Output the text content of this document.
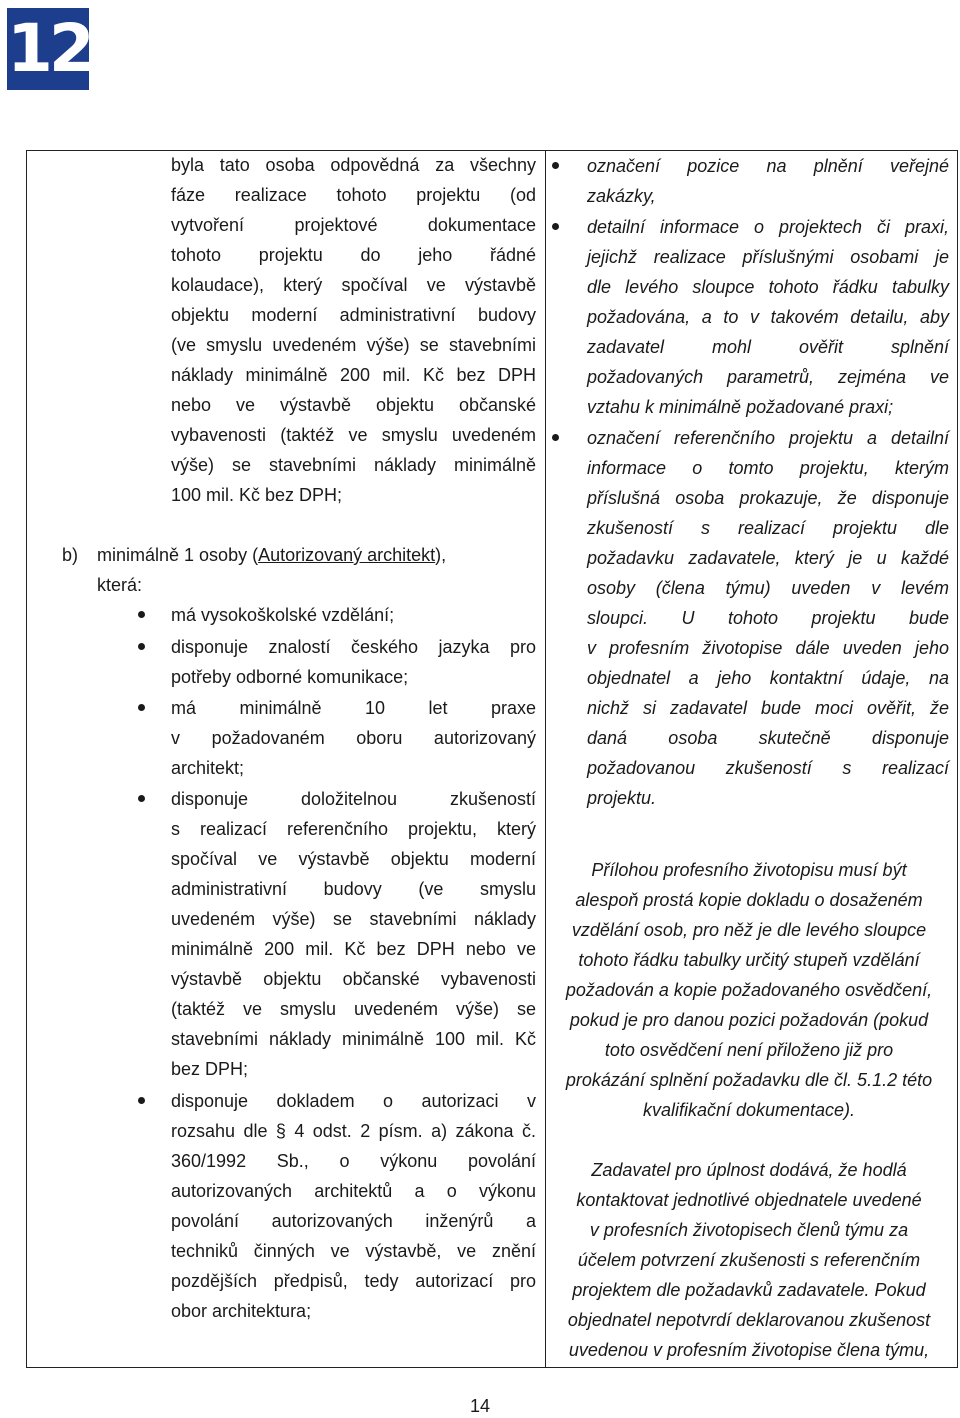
12
byla tato osoba odpovědná za všechny
fáze realizace tohoto projektu (od
vytvoření projektové dokumentace
tohoto projektu do jeho řádné
kolaudace), který spočíval ve výstavbě
objektu moderní administrativní budovy
(ve smyslu uvedeném výše) se stavebními
náklady minimálně 200 mil. Kč bez DPH
nebo ve výstavbě objektu občanské
vybavenosti (taktéž ve smyslu uvedeném
výše) se stavebními náklady minimálně
100 mil. Kč bez DPH;
b) minimálně 1 osoby (Autorizovaný architekt),
která:
má vysokoškolské vzdělání;
disponuje znalostí českého jazyka pro
potřeby odborné komunikace;
má minimálně 10 let praxe
v požadovaném oboru autorizovaný
architekt;
disponuje doložitelnou zkušeností
s realizací referenčního projektu, který
spočíval ve výstavbě objektu moderní
administrativní budovy (ve smyslu
uvedeném výše) se stavebními náklady
minimálně 200 mil. Kč bez DPH nebo ve
výstavbě objektu občanské vybavenosti
(taktéž ve smyslu uvedeném výše) se
stavebními náklady minimálně 100 mil. Kč
bez DPH;
disponuje dokladem o autorizaci v
rozsahu dle § 4 odst. 2 písm. a) zákona č.
360/1992 Sb., o výkonu povolání
autorizovaných architektů a o výkonu
povolání autorizovaných inženýrů a
techniků činných ve výstavbě, ve znění
pozdějších předpisů, tedy autorizací pro
obor architektura;
označení pozice na plnění veřejné
zakázky,
detailní informace o projektech či praxi,
jejichž realizace příslušnými osobami je
dle levého sloupce tohoto řádku tabulky
požadována, a to v takovém detailu, aby
zadavatel mohl ověřit splnění
požadovaných parametrů, zejména ve
vztahu k minimálně požadované praxi;
označení referenčního projektu a detailní
informace o tomto projektu, kterým
příslušná osoba prokazuje, že disponuje
zkušeností s realizací projektu dle
požadavku zadavatele, který je u každé
osoby (člena týmu) uveden v levém
sloupci. U tohoto projektu bude
v profesním životopise dále uveden jeho
objednatel a jeho kontaktní údaje, na
nichž si zadavatel bude moci ověřit, že
daná osoba skutečně disponuje
požadovanou zkušeností s realizací
projektu.
Přílohou profesního životopisu musí být
alespoň prostá kopie dokladu o dosaženém
vzdělání osob, pro něž je dle levého sloupce
tohoto řádku tabulky určitý stupeň vzdělání
požadován a kopie požadovaného osvědčení,
pokud je pro danou pozici požadován (pokud
toto osvědčení není přiloženo již pro
prokázání splnění požadavku dle čl. 5.1.2 této
kvalifikační dokumentace).
Zadavatel pro úplnost dodává, že hodlá
kontaktovat jednotlivé objednatele uvedené
v profesních životopisech členů týmu za
účelem potvrzení zkušenosti s referenčním
projektem dle požadavků zadavatele. Pokud
objednatel nepotvrdí deklarovanou zkušenost
uvedenou v profesním životopise člena týmu,
14
